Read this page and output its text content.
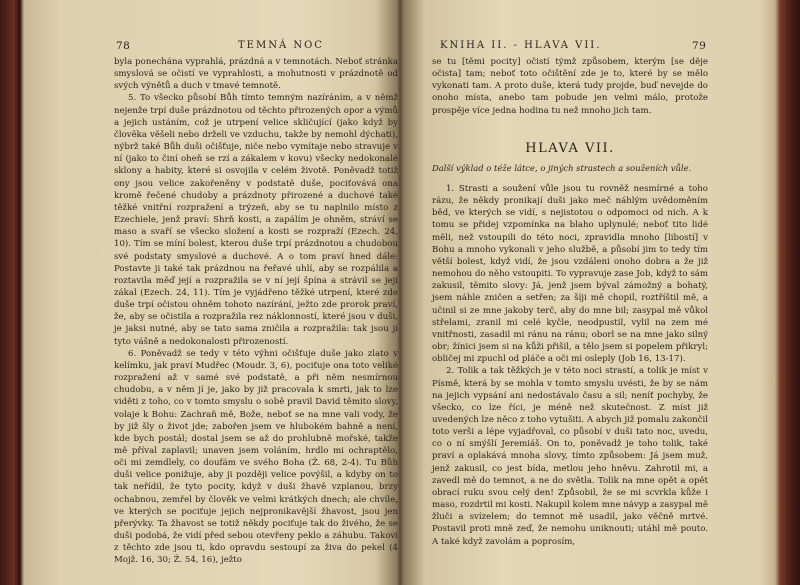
78	TEMNÁ NOC

byla ponechána vyprahlá, prázdná a v temnotách. Neboť stránka smyslová se očistí ve vyprahlosti, a mohutnosti v prázdnotě od svých výnětů a duch v tmavé temnotě.

5. To všecko působí Bůh tímto temným nazíráním, a v němž nejenže trpí duše prázdnotou od těchto přirozených opor a výmů a jejich ustáním, což je utrpení velice skličující (jako když by člověka věšeli nebo drželi ve vzduchu, takže by nemohl dýchati), nýbrž také Bůh duši očišťuje, niče nebo vymítaje nebo stravuje v ní (jako to činí oheň se rzí a zákalem v kovu) všecky nedokonalé sklony a habity, které si osvojila v celém životě. Poněvadž totiž ony jsou velice zakořeněny v podstatě duše, pociťovává ona kromě řečené chudoby a prázdnoty přirozené a duchové také těžké vnitřní rozpražení a trýzeň, aby se tu naplnilo místo z Ezechiele, jenž praví: Shrň kosti, a zapálím je ohněm, stráví se maso a svaří se všecko složení a kosti se rozpraží (Ezech. 24, 10). Tím se míní bolest, kterou duše trpí prázdnotou a chudobou své podstaty smyslové a duchové. A o tom praví hned dále: Postavte ji také tak prázdnou na řeřavé uhlí, aby se rozpálila a roztavila měď její a rozpražila se v ní její špína a strávil se její zákal (Ezech. 24, 11). Tím je vyjádřeno těžké utrpení, které zde duše trpí očistou ohněm tohoto nazírání, ježto zde prorok praví, že, aby se očistila a rozpražila rez náklonností, které jsou v duši, je jaksi nutné, aby se tato sama zničila a rozpražila: tak jsou jí tyto vášně a nedokonalosti přirozeností.

6. Poněvadž se tedy v této výhni očišťuje duše jako zlato v kelímku, jak praví Mudřec (Moudr. 3, 6), pociťuje ona toto veliké rozpražení až v samé své podstatě, a při něm nesmírnou chudobu, a v něm jí je, jako by již pracovala k smrti, jak to lze viděti z toho, co v tomto smyslu o sobě pravil David těmito slovy, volaje k Bohu: Zachraň mě, Bože, neboť se na mne vali vody, že by již šly o život jde; zabořen jsem ve hlubokém bahně a není, kde bych postál; dostal jsem se až do prohlubně mořské, takže mě příval zaplavil; unaven jsem voláním, hrdlo mi ochraptělo, oči mi zemdlely, co doufám ve svého Boha (Ž. 68, 2-4). Tu Bůh duši velice ponižuje, aby ji později velice povýšil, a kdyby on to tak neřídil, že tyto pocity, když v duši žhavě vzplanou, brzy ochabnou, zemřel by člověk ve velmi krátkých dnech; ale chvíle, ve kterých se pociťuje jejich nejpronikavější žhavost, jsou jen přerývky. Ta žhavost se totiž někdy pociťuje tak do živého, že se duši podobá, že vidí před sebou otevřeny peklo a záhubu. Takoví z těchto zde jsou ti, kdo opravdu sestoupí za živa do pekel (4 Mojž. 16, 30; Ž. 54, 16), ježto

KNIHA II. - HLAVA VII.	79

se tu [těmi pocity] očistí týmž způsobem, kterým [se děje očista] tam; neboť toto očištění zde je to, které by se mělo vykonati tam. A proto duše, která tudy projde, buď nevejde do onoho místa, anebo tam pobude jen velmi málo, protože prospěje více jedna hodina tu než mnoho jich tam.

HLAVA VII.
Další výklad o téže látce, o jiných strastech a souženích vůle.

1. Strasti a soužení vůle jsou tu rovněž nesmírné a toho rázu, že někdy pronikají duši jako meč náhlým uvědoměním běd, ve kterých se vidí, s nejistotou o odpomoci od nich. A k tomu se přidej vzpomínka na blaho uplynulé; neboť tito lidé měli, než vstoupili do této noci, zpravidla mnoho [libostí] v Bohu a mnoho vykonali v jeho službě, a působí jim to tedy tím větší bolest, když vidí, že jsou vzdáleni onoho dobra a že již nemohou do něho vstoupiti. To vypravuje zase Job, když to sám zakusil, těmito slovy: Já, jenž jsem býval zámožný a bohatý, jsem náhle zničen a setřen; za šíji mě chopil, roztříštil mě, a učinil si ze mne jakoby terč, aby do mne bil; zasypal mě vůkol střelami, zranil mi celé kyčle, neodpustil, vylil na zem mé vnitřnosti, zasadil mi ránu na ránu; oborl se na mne jako silný obr; žínici jsem si na kůži přišil, a tělo jsem si popelem přikryl; obličej mi zpuchl od pláče a oči mi osleply (Job 16, 13-17).

2. Tolik a tak těžkých je v této noci strastí, a tolik je míst v Písmě, která by se mohla v tomto smyslu uvésti, že by se nám na jejich vypsání ani nedostávalo času a sil; neníť pochyby, že všecko, co lze říci, je méně než skutečnost. Z míst již uvedených lze něco z toho vytušiti. A abych již pomalu zakončil toto verši a lépe vyjadřoval, co působí v duši tato noc, uvedu, co o ní smýšlí Jeremiáš. On to, poněvadž je toho tolik, také praví a oplakává mnoha slovy, tímto způsobem: Já jsem muž, jenž zakusil, co jest bída, metlou jeho hněvu. Zahrotil mi, a zavedl mě do temnot, a ne do světla. Tolik na mne opět a opět obrací ruku svou celý den! Způsobil, že se mi scvrkla kůže i maso, rozdrtil mi kosti. Nakupil kolem mne návyp a zasypal mě žluči a svízelem; do temnot mě usadil, jako věčně mrtvé. Postavil proti mně zeď, že nemohu uniknouti; utáhl mě pouto. A také když zavolám a poprosím,
